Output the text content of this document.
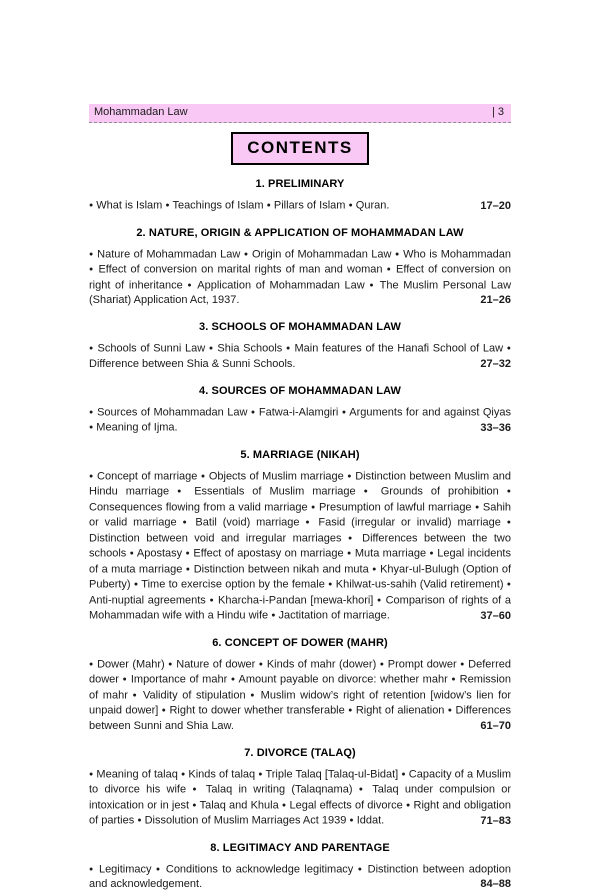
Mohammadan Law	| 3
CONTENTS
1. PRELIMINARY

● What is Islam ● Teachings of Islam ● Pillars of Islam ● Quran.	17–20

2. NATURE, ORIGIN & APPLICATION OF MOHAMMADAN LAW

● Nature of Mohammadan Law ● Origin of Mohammadan Law ● Who is Mohammadan ● Effect of conversion on marital rights of man and woman ● Effect of conversion on right of inheritance ● Application of Mohammadan Law ● The Muslim Personal Law (Shariat) Application Act, 1937.	21–26

3. SCHOOLS OF MOHAMMADAN LAW

● Schools of Sunni Law ● Shia Schools ● Main features of the Hanafi School of Law ● Difference between Shia & Sunni Schools.	27–32

4. SOURCES OF MOHAMMADAN LAW

● Sources of Mohammadan Law ● Fatwa-i-Alamgiri ● Arguments for and against Qiyas ● Meaning of Ijma.	33–36

5. MARRIAGE (NIKAH)

● Concept of marriage ● Objects of Muslim marriage ● Distinction between Muslim and Hindu marriage ● Essentials of Muslim marriage ● Grounds of prohibition ● Consequences flowing from a valid marriage ● Presumption of lawful marriage ● Sahih or valid marriage ● Batil (void) marriage ● Fasid (irregular or invalid) marriage ● Distinction between void and irregular marriages ● Differences between the two schools ● Apostasy ● Effect of apostasy on marriage ● Muta marriage ● Legal incidents of a muta marriage ● Distinction between nikah and muta ● Khyar-ul-Bulugh (Option of Puberty) ● Time to exercise option by the female ● Khilwat-us-sahih (Valid retirement) ● Anti-nuptial agreements ● Kharcha-i-Pandan [mewa-khori] ● Comparison of rights of a Mohammadan wife with a Hindu wife ● Jactitation of marriage.	37–60

6. CONCEPT OF DOWER (MAHR)

● Dower (Mahr) ● Nature of dower ● Kinds of mahr (dower) ● Prompt dower ● Deferred dower ● Importance of mahr ● Amount payable on divorce: whether mahr ● Remission of mahr ● Validity of stipulation ● Muslim widow’s right of retention [widow’s lien for unpaid dower] ● Right to dower whether transferable ● Right of alienation ● Differences between Sunni and Shia Law.	61–70

7. DIVORCE (TALAQ)

● Meaning of talaq ● Kinds of talaq ● Triple Talaq [Talaq-ul-Bidat] ● Capacity of a Muslim to divorce his wife ● Talaq in writing (Talaqnama) ● Talaq under compulsion or intoxication or in jest ● Talaq and Khula ● Legal effects of divorce ● Right and obligation of parties ● Dissolution of Muslim Marriages Act 1939 ● Iddat.	71–83

8. LEGITIMACY AND PARENTAGE

● Legitimacy ● Conditions to acknowledge legitimacy ● Distinction between adoption and acknowledgement.	84–88
